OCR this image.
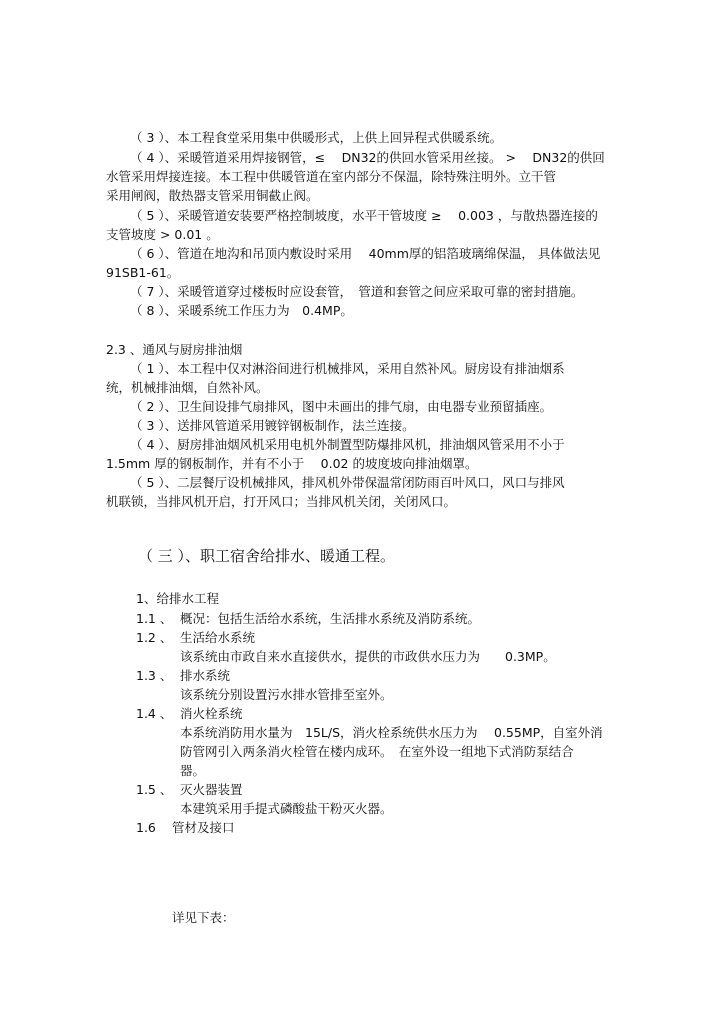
（ 3 ）、本工程食堂采用集中供暖形式，上供上回异程式供暖系统。
（ 4 ）、采暖管道采用焊接钢管，≤　 DN32的供回水管采用丝接。 >　 DN32的供回
水管采用焊接连接。本工程中供暖管道在室内部分不保温，除特殊注明外。立干管
采用闸阀，散热器支管采用铜截止阀。
（ 5 ）、采暖管道安装要严格控制坡度，水平干管坡度 ≥　 0.003 ，与散热器连接的
支管坡度 > 0.01 。
（ 6 ）、管道在地沟和吊顶内敷设时采用　 40mm厚的铝箔玻璃绵保温， 具体做法见
91SB1-61。
（ 7 ）、采暖管道穿过楼板时应设套管，　管道和套管之间应采取可靠的密封措施。
（ 8 ）、采暖系统工作压力为　0.4MP。
2.3 、通风与厨房排油烟
（ 1 ）、本工程中仅对淋浴间进行机械排风，采用自然补风。厨房设有排油烟系
统，机械排油烟，自然补风。
（ 2 ）、卫生间设排气扇排风，图中未画出的排气扇，由电器专业预留插座。
（ 3 ）、送排风管道采用镀锌钢板制作，法兰连接。
（ 4 ）、厨房排油烟风机采用电机外制置型防爆排风机，排油烟风管采用不小于
1.5mm 厚的钢板制作，并有不小于　 0.02 的坡度坡向排油烟罩。
（ 5 ）、二层餐厅设机械排风，排风机外带保温常闭防雨百叶风口，风口与排风
机联锁，当排风机开启，打开风口；当排风机关闭，关闭风口。
（ 三 ）、职工宿舍给排水、暖通工程。
1、给排水工程
1.1 、 概况：包括生活给水系统，生活排水系统及消防系统。
1.2 、 生活给水系统
该系统由市政自来水直接供水，提供的市政供水压力为　　0.3MP。
1.3 、 排水系统
该系统分别设置污水排水管排至室外。
1.4 、 消火栓系统
本系统消防用水量为　15L/S，消火栓系统供水压力为　 0.55MP，自室外消
防管网引入两条消火栓管在楼内成环。　在室外设一组地下式消防泵结合
器。
1.5 、 灭火器装置
本建筑采用手提式磷酸盐干粉灭火器。
1.6 管材及接口
详见下表：
